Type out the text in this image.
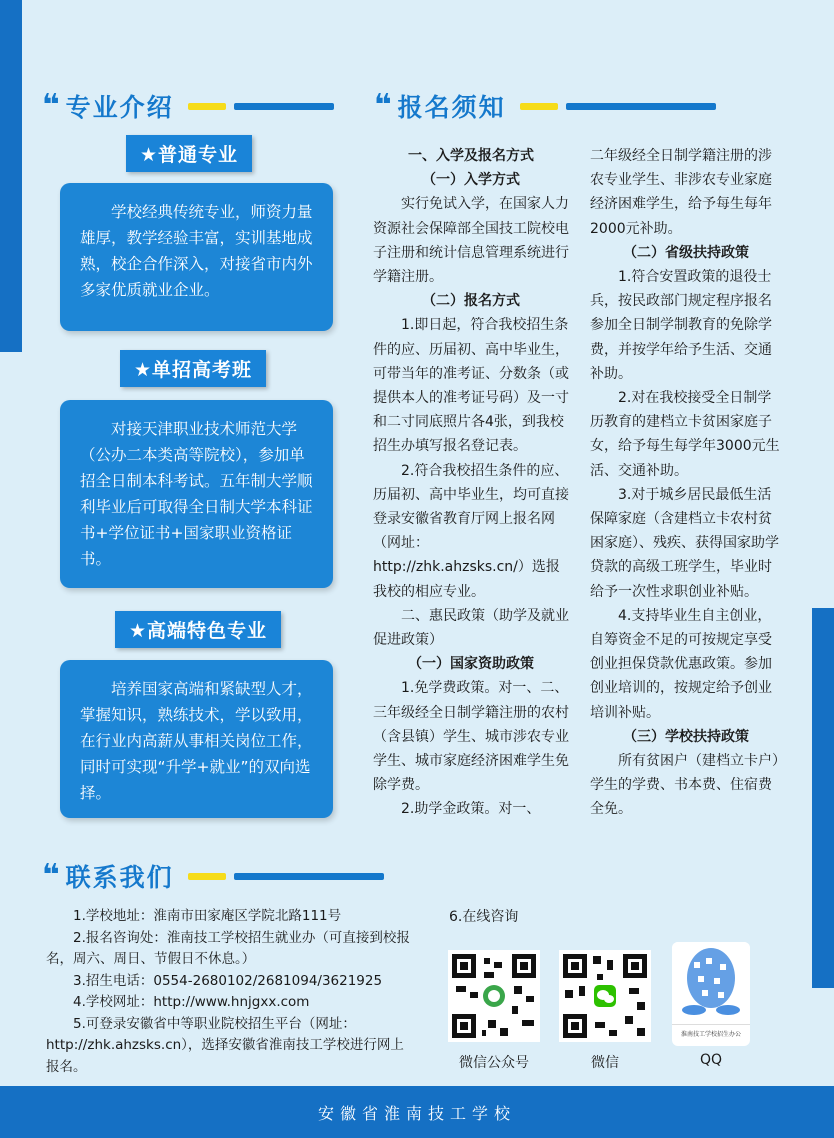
❝ 专业介绍
★普通专业
学校经典传统专业，师资力量雄厚，教学经验丰富，实训基地成熟，校企合作深入，对接省市内外多家优质就业企业。
★单招高考班
对接天津职业技术师范大学（公办二本类高等院校），参加单招全日制本科考试。五年制大学顺利毕业后可取得全日制大学本科证书+学位证书+国家职业资格证书。
★高端特色专业
培养国家高端和紧缺型人才，掌握知识，熟练技术，学以致用，在行业内高薪从事相关岗位工作，同时可实现“升学+就业”的双向选择。
❝ 报名须知

一、入学及报名方式

（一）入学方式

实行免试入学，在国家人力资源社会保障部全国技工院校电子注册和统计信息管理系统进行学籍注册。

（二）报名方式

1.即日起，符合我校招生条件的应、历届初、高中毕业生，可带当年的准考证、分数条（或提供本人的准考证号码）及一寸和二寸同底照片各4张，到我校招生办填写报名登记表。

2.符合我校招生条件的应、历届初、高中毕业生，均可直接登录安徽省教育厅网上报名网（网址：http://zhk.ahzsks.cn/）选报我校的相应专业。

二、惠民政策（助学及就业促进政策）

（一）国家资助政策

1.免学费政策。对一、二、三年级经全日制学籍注册的农村（含县镇）学生、城市涉农专业学生、城市家庭经济困难学生免除学费。

2.助学金政策。对一、

二年级经全日制学籍注册的涉农专业学生、非涉农专业家庭经济困难学生，给予每生每年2000元补助。

（二）省级扶持政策

1.符合安置政策的退役士兵，按民政部门规定程序报名参加全日制学制教育的免除学费，并按学年给予生活、交通补助。

2.对在我校接受全日制学历教育的建档立卡贫困家庭子女，给予每生每学年3000元生活、交通补助。

3.对于城乡居民最低生活保障家庭（含建档立卡农村贫困家庭）、残疾、获得国家助学贷款的高级工班学生，毕业时给予一次性求职创业补贴。

4.支持毕业生自主创业，自筹资金不足的可按规定享受创业担保贷款优惠政策。参加创业培训的，按规定给予创业培训补贴。

（三）学校扶持政策

所有贫困户（建档立卡户）学生的学费、书本费、住宿费全免。

❝ 联系我们

1.学校地址：淮南市田家庵区学院北路111号

2.报名咨询处：淮南技工学校招生就业办（可直接到校报名，周六、周日、节假日不休息。）

3.招生电话：0554-2680102/2681094/3621925

4.学校网址：http://www.hnjgxx.com

5.可登录安徽省中等职业院校招生平台（网址：http://zhk.ahzsks.cn），选择安徽省淮南技工学校进行网上报名。

6.在线咨询
微信公众号	微信
淮南技工学校招生办公
QQ
安徽省淮南技工学校
